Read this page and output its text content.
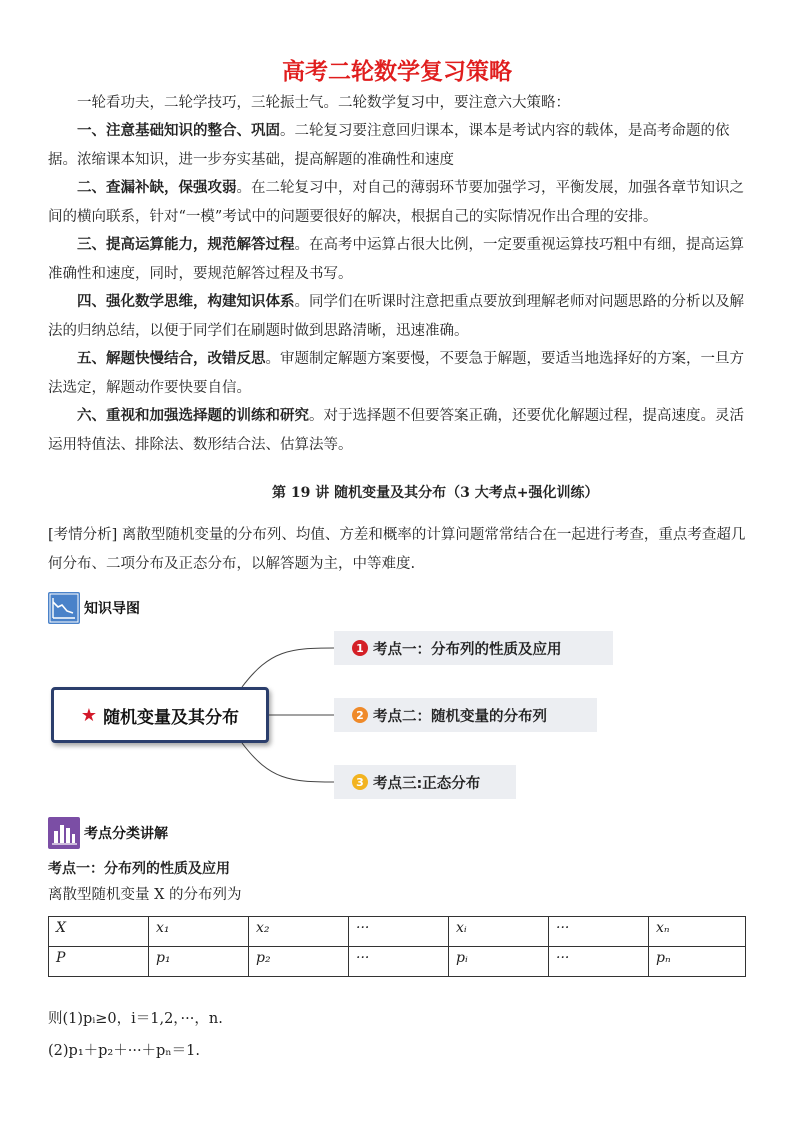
高考二轮数学复习策略

一轮看功夫，二轮学技巧，三轮振士气。二轮数学复习中，要注意六大策略：

一、注意基础知识的整合、巩固。二轮复习要注意回归课本，课本是考试内容的载体，是高考命题的依据。浓缩课本知识，进一步夯实基础，提高解题的准确性和速度

二、查漏补缺，保强攻弱。在二轮复习中，对自己的薄弱环节要加强学习，平衡发展，加强各章节知识之间的横向联系，针对“一模”考试中的问题要很好的解决，根据自己的实际情况作出合理的安排。

三、提高运算能力，规范解答过程。在高考中运算占很大比例，一定要重视运算技巧粗中有细，提高运算准确性和速度，同时，要规范解答过程及书写。

四、强化数学思维，构建知识体系。同学们在听课时注意把重点要放到理解老师对问题思路的分析以及解法的归纳总结，以便于同学们在刷题时做到思路清晰，迅速准确。

五、解题快慢结合，改错反思。审题制定解题方案要慢，不要急于解题，要适当地选择好的方案，一旦方法选定，解题动作要快要自信。

六、重视和加强选择题的训练和研究。对于选择题不但要答案正确，还要优化解题过程，提高速度。灵活运用特值法、排除法、数形结合法、估算法等。

第 19 讲 随机变量及其分布（3 大考点+强化训练）

[考情分析] 离散型随机变量的分布列、均值、方差和概率的计算问题常常结合在一起进行考查，重点考查超几何分布、二项分布及正态分布，以解答题为主，中等难度.

知识导图
★ 随机变量及其分布
1 考点一：分布列的性质及应用
2 考点二：随机变量的分布列
3 考点三:正态分布
考点分类讲解
考点一：分布列的性质及应用
离散型随机变量 X 的分布列为
X	x₁	x₂	···	xᵢ	···	xₙ
P	p₁	p₂	···	pᵢ	···	pₙ
则(1)pᵢ≥0，i＝1,2，···，n.
(2)p₁＋p₂＋···＋pₙ＝1.
